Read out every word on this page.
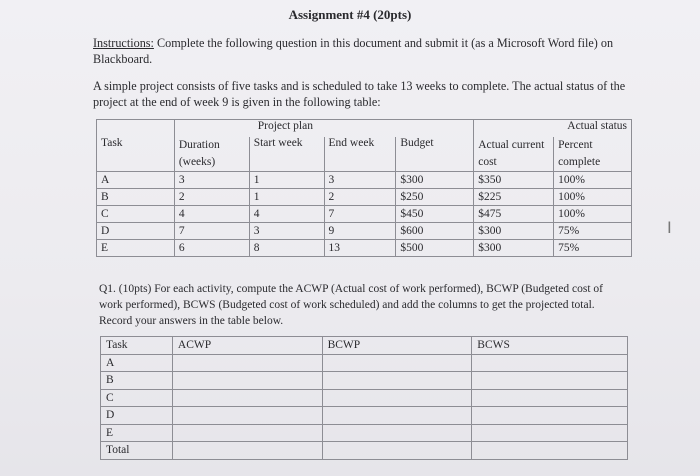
Assignment #4 (20pts)
Instructions: Complete the following question in this document and submit it (as a Microsoft Word file) on Blackboard.
A simple project consists of five tasks and is scheduled to take 13 weeks to complete. The actual status of the project at the end of week 9 is given in the following table:
	Project plan				Actual status	
Task	Duration (weeks)	Start week	End week	Budget	Actual current cost	Percent complete
A	3	1	3	$300	$350	100%
B	2	1	2	$250	$225	100%
C	4	4	7	$450	$475	100%
D	7	3	9	$600	$300	75%
E	6	8	13	$500	$300	75%
Q1. (10pts) For each activity, compute the ACWP (Actual cost of work performed), BCWP (Budgeted cost of work performed), BCWS (Budgeted cost of work scheduled) and add the columns to get the projected total. Record your answers in the table below.
Task	ACWP	BCWP	BCWS
A			
B			
C			
D			
E			
Total			
I
